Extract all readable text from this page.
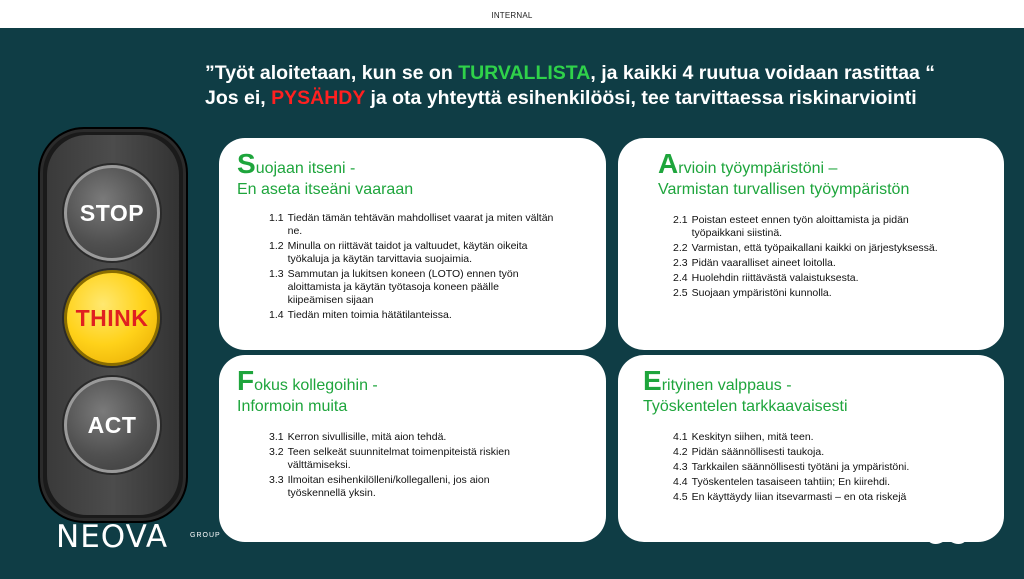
INTERNAL
”Työt aloitetaan, kun se on TURVALLISTA, ja kaikki 4 ruutua voidaan rastittaa “
Jos ei, PYSÄHDY ja ota yhteyttä esihenkilöösi, tee tarvittaessa riskinarviointi
STOP
THINK
ACT
Suojaan itseni -
En aseta itseäni vaaraan
1.1 Tiedän tämän tehtävän mahdolliset vaarat ja miten vältän ne.
1.2 Minulla on riittävät taidot ja valtuudet, käytän oikeita työkaluja ja käytän tarvittavia suojaimia.
1.3 Sammutan ja lukitsen koneen (LOTO) ennen työn aloittamista ja käytän työtasoja koneen päälle kiipeämisen sijaan
1.4 Tiedän miten toimia hätätilanteissa.
Arvioin työympäristöni –
Varmistan turvallisen työympäristön
2.1 Poistan esteet ennen työn aloittamista ja pidän työpaikkani siistinä.
2.2 Varmistan, että työpaikallani kaikki on järjestyksessä.
2.3 Pidän vaaralliset aineet loitolla.
2.4 Huolehdin riittävästä valaistuksesta.
2.5 Suojaan ympäristöni kunnolla.
Fokus kollegoihin -
Informoin muita
3.1 Kerron sivullisille, mitä aion tehdä.
3.2 Teen selkeät suunnitelmat toimenpiteistä riskien välttämiseksi.
3.3 Ilmoitan esihenkilölleni/kollegalleni, jos aion työskennellä yksin.
Erityinen valppaus -
Työskentelen tarkkaavaisesti
4.1 Keskityn siihen, mitä teen.
4.2 Pidän säännöllisesti taukoja.
4.3 Tarkkailen säännöllisesti työtäni ja ympäristöni.
4.4 Työskentelen tasaiseen tahtiin; En kiirehdi.
4.5 En käyttäydy liian itsevarmasti – en ota riskejä
NEOVA	GROUP
